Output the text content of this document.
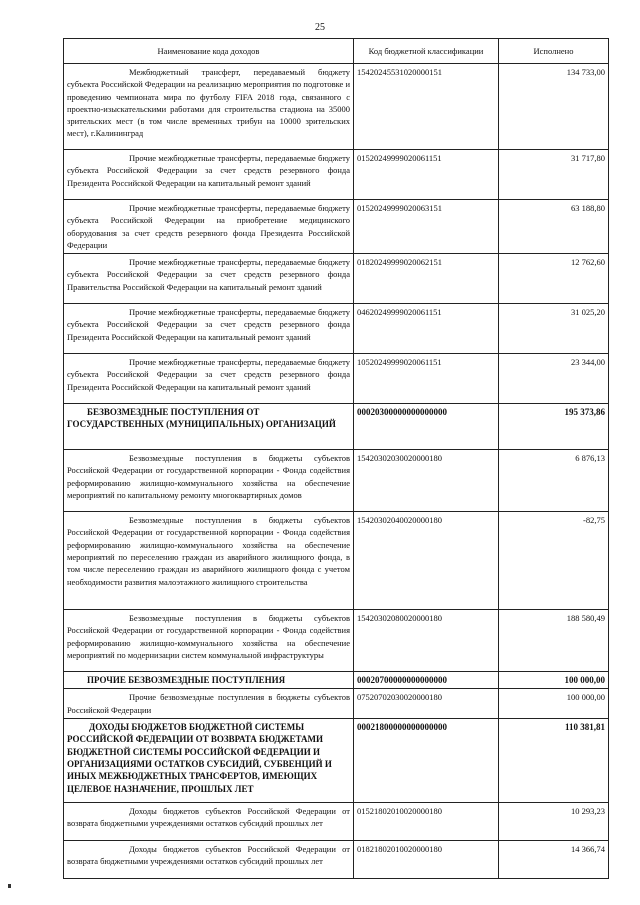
25
Наименование кода доходов	Код бюджетной классификации	Исполнено
Межбюджетный трансферт, передаваемый бюджету субъекта Российской Федерации на реализацию мероприятия по подготовке и проведению чемпионата мира по футболу FIFA 2018 года, связанного с проектно-изыскательскими работами для строительства стадиона на 35000 зрительских мест (в том числе временных трибун на 10000 зрительских мест), г.Калининград	15420245531020000151	134 733,00
Прочие межбюджетные трансферты, передаваемые бюджету субъекта Российской Федерации за счет средств резервного фонда Президента Российской Федерации на капитальный ремонт зданий	01520249999020061151	31 717,80
Прочие межбюджетные трансферты, передаваемые бюджету субъекта Российской Федерации на приобретение медицинского оборудования за счет средств резервного фонда Президента Российской Федерации	01520249999020063151	63 188,80
Прочие межбюджетные трансферты, передаваемые бюджету субъекта Российской Федерации за счет средств резервного фонда Правительства Российской Федерации на капитальный ремонт зданий	01820249999020062151	12 762,60
Прочие межбюджетные трансферты, передаваемые бюджету субъекта Российской Федерации за счет средств резервного фонда Президента Российской Федерации на капитальный ремонт зданий	04620249999020061151	31 025,20
Прочие межбюджетные трансферты, передаваемые бюджету субъекта Российской Федерации за счет средств резервного фонда Президента Российской Федерации на капитальный ремонт зданий	10520249999020061151	23 344,00
БЕЗВОЗМЕЗДНЫЕ ПОСТУПЛЕНИЯ ОТ ГОСУДАРСТВЕННЫХ (МУНИЦИПАЛЬНЫХ) ОРГАНИЗАЦИЙ	00020300000000000000	195 373,86
Безвозмездные поступления в бюджеты субъектов Российской Федерации от государственной корпорации - Фонда содействия реформированию жилищно-коммунального хозяйства на обеспечение мероприятий по капитальному ремонту многоквартирных домов	15420302030020000180	6 876,13
Безвозмездные поступления в бюджеты субъектов Российской Федерации от государственной корпорации - Фонда содействия реформированию жилищно-коммунального хозяйства на обеспечение мероприятий по переселению граждан из аварийного жилищного фонда, в том числе переселению граждан из аварийного жилищного фонда с учетом необходимости развития малоэтажного жилищного строительства	15420302040020000180	-82,75
Безвозмездные поступления в бюджеты субъектов Российской Федерации от государственной корпорации - Фонда содействия реформированию жилищно-коммунального хозяйства на обеспечение мероприятий по модернизации систем коммунальной инфраструктуры	15420302080020000180	188 580,49
ПРОЧИЕ БЕЗВОЗМЕЗДНЫЕ ПОСТУПЛЕНИЯ	00020700000000000000	100 000,00
Прочие безвозмездные поступления в бюджеты субъектов Российской Федерации	07520702030020000180	100 000,00
ДОХОДЫ БЮДЖЕТОВ БЮДЖЕТНОЙ СИСТЕМЫ РОССИЙСКОЙ ФЕДЕРАЦИИ ОТ ВОЗВРАТА БЮДЖЕТАМИ БЮДЖЕТНОЙ СИСТЕМЫ РОССИЙСКОЙ ФЕДЕРАЦИИ И ОРГАНИЗАЦИЯМИ ОСТАТКОВ СУБСИДИЙ, СУБВЕНЦИЙ И ИНЫХ МЕЖБЮДЖЕТНЫХ ТРАНСФЕРТОВ, ИМЕЮЩИХ ЦЕЛЕВОЕ НАЗНАЧЕНИЕ, ПРОШЛЫХ ЛЕТ	00021800000000000000	110 381,81
Доходы бюджетов субъектов Российской Федерации от возврата бюджетными учреждениями остатков субсидий прошлых лет	01521802010020000180	10 293,23
Доходы бюджетов субъектов Российской Федерации от возврата бюджетными учреждениями остатков субсидий прошлых лет	01821802010020000180	14 366,74
